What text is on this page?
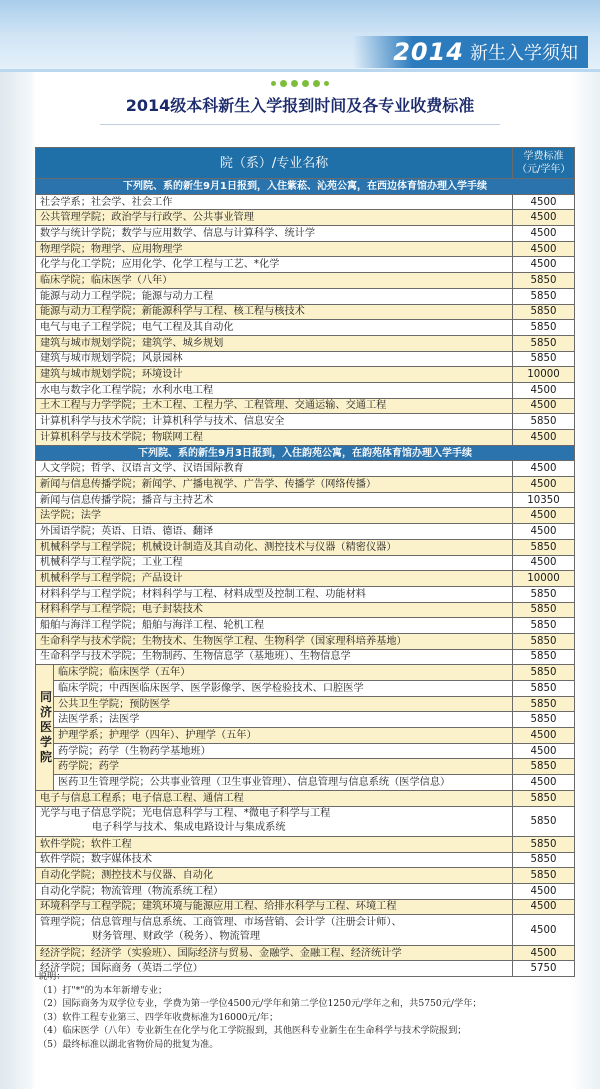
2014 新生入学须知
2014级本科新生入学报到时间及各专业收费标准
院（系）/专业名称		学费标准
（元/学年）
下列院、系的新生9月1日报到，入住紫菘、沁苑公寓，在西边体育馆办理入学手续		
社会学系；社会学、社会工作		4500
公共管理学院；政治学与行政学、公共事业管理		4500
数学与统计学院；数学与应用数学、信息与计算科学、统计学		4500
物理学院；物理学、应用物理学		4500
化学与化工学院；应用化学、化学工程与工艺、*化学		4500
临床学院；临床医学（八年）		5850
能源与动力工程学院；能源与动力工程		5850
能源与动力工程学院；新能源科学与工程、核工程与核技术		5850
电气与电子工程学院；电气工程及其自动化		5850
建筑与城市规划学院；建筑学、城乡规划		5850
建筑与城市规划学院；风景园林		5850
建筑与城市规划学院；环境设计		10000
水电与数字化工程学院；水利水电工程		4500
土木工程与力学学院；土木工程、工程力学、工程管理、交通运输、交通工程		4500
计算机科学与技术学院；计算机科学与技术、信息安全		5850
计算机科学与技术学院；物联网工程		4500
下列院、系的新生9月3日报到，入住韵苑公寓，在韵苑体育馆办理入学手续		
人文学院；哲学、汉语言文学、汉语国际教育		4500
新闻与信息传播学院；新闻学、广播电视学、广告学、传播学（网络传播）		4500
新闻与信息传播学院；播音与主持艺术		10350
法学院；法学		4500
外国语学院；英语、日语、德语、翻译		4500
机械科学与工程学院；机械设计制造及其自动化、测控技术与仪器（精密仪器）		5850
机械科学与工程学院；工业工程		4500
机械科学与工程学院；产品设计		10000
材料科学与工程学院；材料科学与工程、材料成型及控制工程、功能材料		5850
材料科学与工程学院；电子封装技术		5850
船舶与海洋工程学院；船舶与海洋工程、轮机工程		5850
生命科学与技术学院；生物技术、生物医学工程、生物科学（国家理科培养基地）		5850
生命科学与技术学院；生物制药、生物信息学（基地班）、生物信息学		5850

同
济
医
学
院	临床学院；临床医学（五年）	5850
	临床学院；中西医临床医学、医学影像学、医学检验技术、口腔医学	5850
	公共卫生学院；预防医学	5850
	法医学系；法医学	5850
	护理学系；护理学（四年）、护理学（五年）	4500
	药学院；药学（生物药学基地班）	4500
	药学院；药学	5850
	医药卫生管理学院；公共事业管理（卫生事业管理）、信息管理与信息系统（医学信息）	4500
电子与信息工程系；电子信息工程、通信工程		5850

光学与电子信息学院；光电信息科学与工程、*微电子科学与工程
电子科学与技术、集成电路设计与集成系统		5850
软件学院；软件工程		5850
软件学院；数字媒体技术		5850
自动化学院；测控技术与仪器、自动化		5850
自动化学院；物流管理（物流系统工程）		4500
环境科学与工程学院；建筑环境与能源应用工程、给排水科学与工程、环境工程		4500

管理学院；信息管理与信息系统、工商管理、市场营销、会计学（注册会计师）、
财务管理、财政学（税务）、物流管理		4500
经济学院；经济学（实验班）、国际经济与贸易、金融学、金融工程、经济统计学		4500
经济学院；国际商务（英语二学位）		5750
说明：
（1）打"*"的为本年新增专业；
（2）国际商务为双学位专业，学费为第一学位4500元/学年和第二学位1250元/学年之和，共5750元/学年；
（3）软件工程专业第三、四学年收费标准为16000元/年；
（4）临床医学（八年）专业新生在化学与化工学院报到，其他医科专业新生在生命科学与技术学院报到；
（5）最终标准以湖北省物价局的批复为准。
